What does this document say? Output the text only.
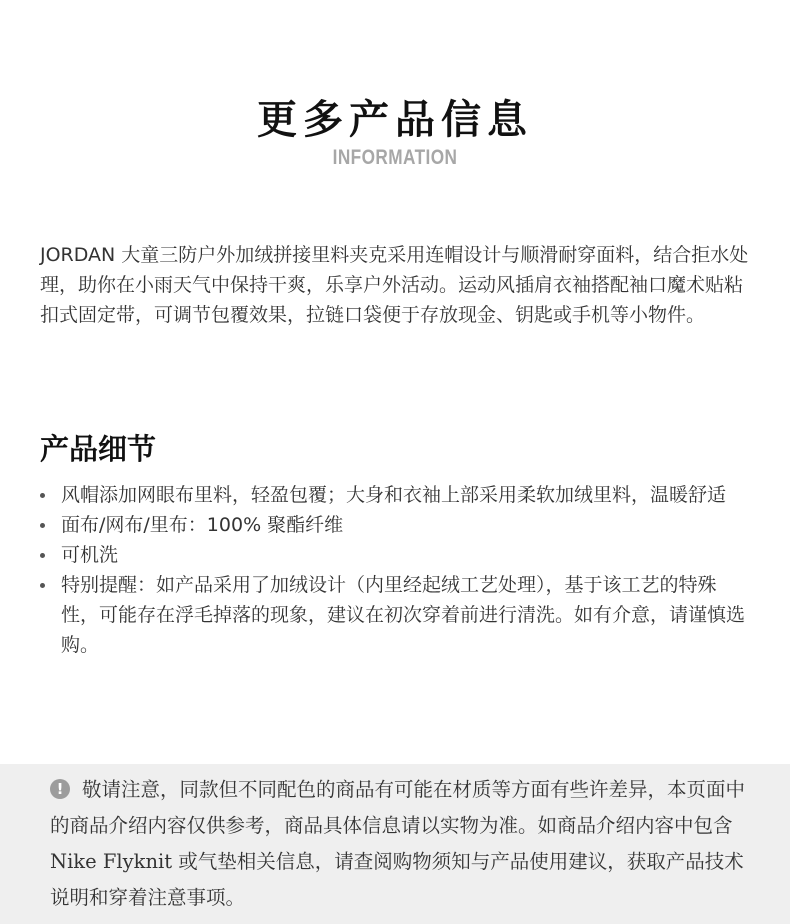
更多产品信息
INFORMATION

JORDAN 大童三防户外加绒拼接里料夹克采用连帽设计与顺滑耐穿面料，结合拒水处理，助你在小雨天气中保持干爽，乐享户外活动。运动风插肩衣袖搭配袖口魔术贴粘扣式固定带，可调节包覆效果，拉链口袋便于存放现金、钥匙或手机等小物件。

产品细节
风帽添加网眼布里料，轻盈包覆；大身和衣袖上部采用柔软加绒里料，温暖舒适
面布/网布/里布：100% 聚酯纤维
可机洗
特别提醒：如产品采用了加绒设计（内里经起绒工艺处理），基于该工艺的特殊性，可能存在浮毛掉落的现象，建议在初次穿着前进行清洗。如有介意，请谨慎选购。
! 敬请注意，同款但不同配色的商品有可能在材质等方面有些许差异，本页面中的商品介绍内容仅供参考，商品具体信息请以实物为准。如商品介绍内容中包含 Nike Flyknit 或气垫相关信息，请查阅购物须知与产品使用建议，获取产品技术说明和穿着注意事项。
